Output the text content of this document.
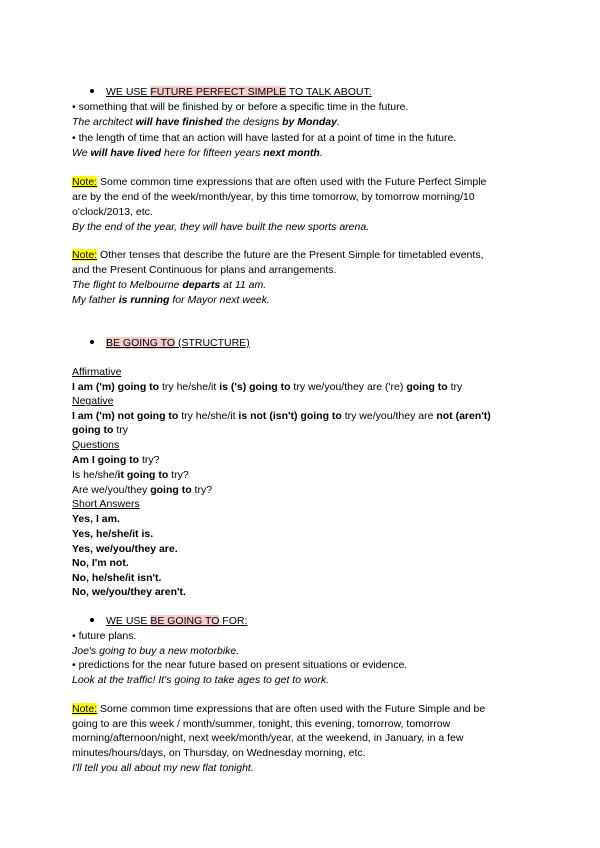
WE USE FUTURE PERFECT SIMPLE TO TALK ABOUT:
• something that will be finished by or before a specific time in the future.
The architect will have finished the designs by Monday.
• the length of time that an action will have lasted for at a point of time in the future.
We will have lived here for fifteen years next month.
Note: Some common time expressions that are often used with the Future Perfect Simple
are by the end of the week/month/year, by this time tomorrow, by tomorrow morning/10
o'clock/2013, etc.
By the end of the year, they will have built the new sports arena.
Note: Other tenses that describe the future are the Present Simple for timetabled events,
and the Present Continuous for plans and arrangements.
The flight to Melbourne departs at 11 am.
My father is running for Mayor next week.
BE GOING TO (STRUCTURE)
Affirmative
I am ('m) going to try he/she/it is ('s) going to try we/you/they are ('re) going to try
Negative
I am ('m) not going to try he/she/it is not (isn't) going to try we/you/they are not (aren't)
going to try
Questions
Am I going to try?
Is he/she/it going to try?
Are we/you/they going to try?
Short Answers
Yes, I am.
Yes, he/she/it is.
Yes, we/you/they are.
No, I'm not.
No, he/she/it isn't.
No, we/you/they aren't.
WE USE BE GOING TO FOR:
• future plans.
Joe's going to buy a new motorbike.
• predictions for the near future based on present situations or evidence.
Look at the traffic! It's going to take ages to get to work.
Note: Some common time expressions that are often used with the Future Simple and be
going to are this week / month/summer, tonight, this evening, tomorrow, tomorrow
morning/afternoon/night, next week/month/year, at the weekend, in January, in a few
minutes/hours/days, on Thursday, on Wednesday morning, etc.
I'll tell you all about my new flat tonight.
